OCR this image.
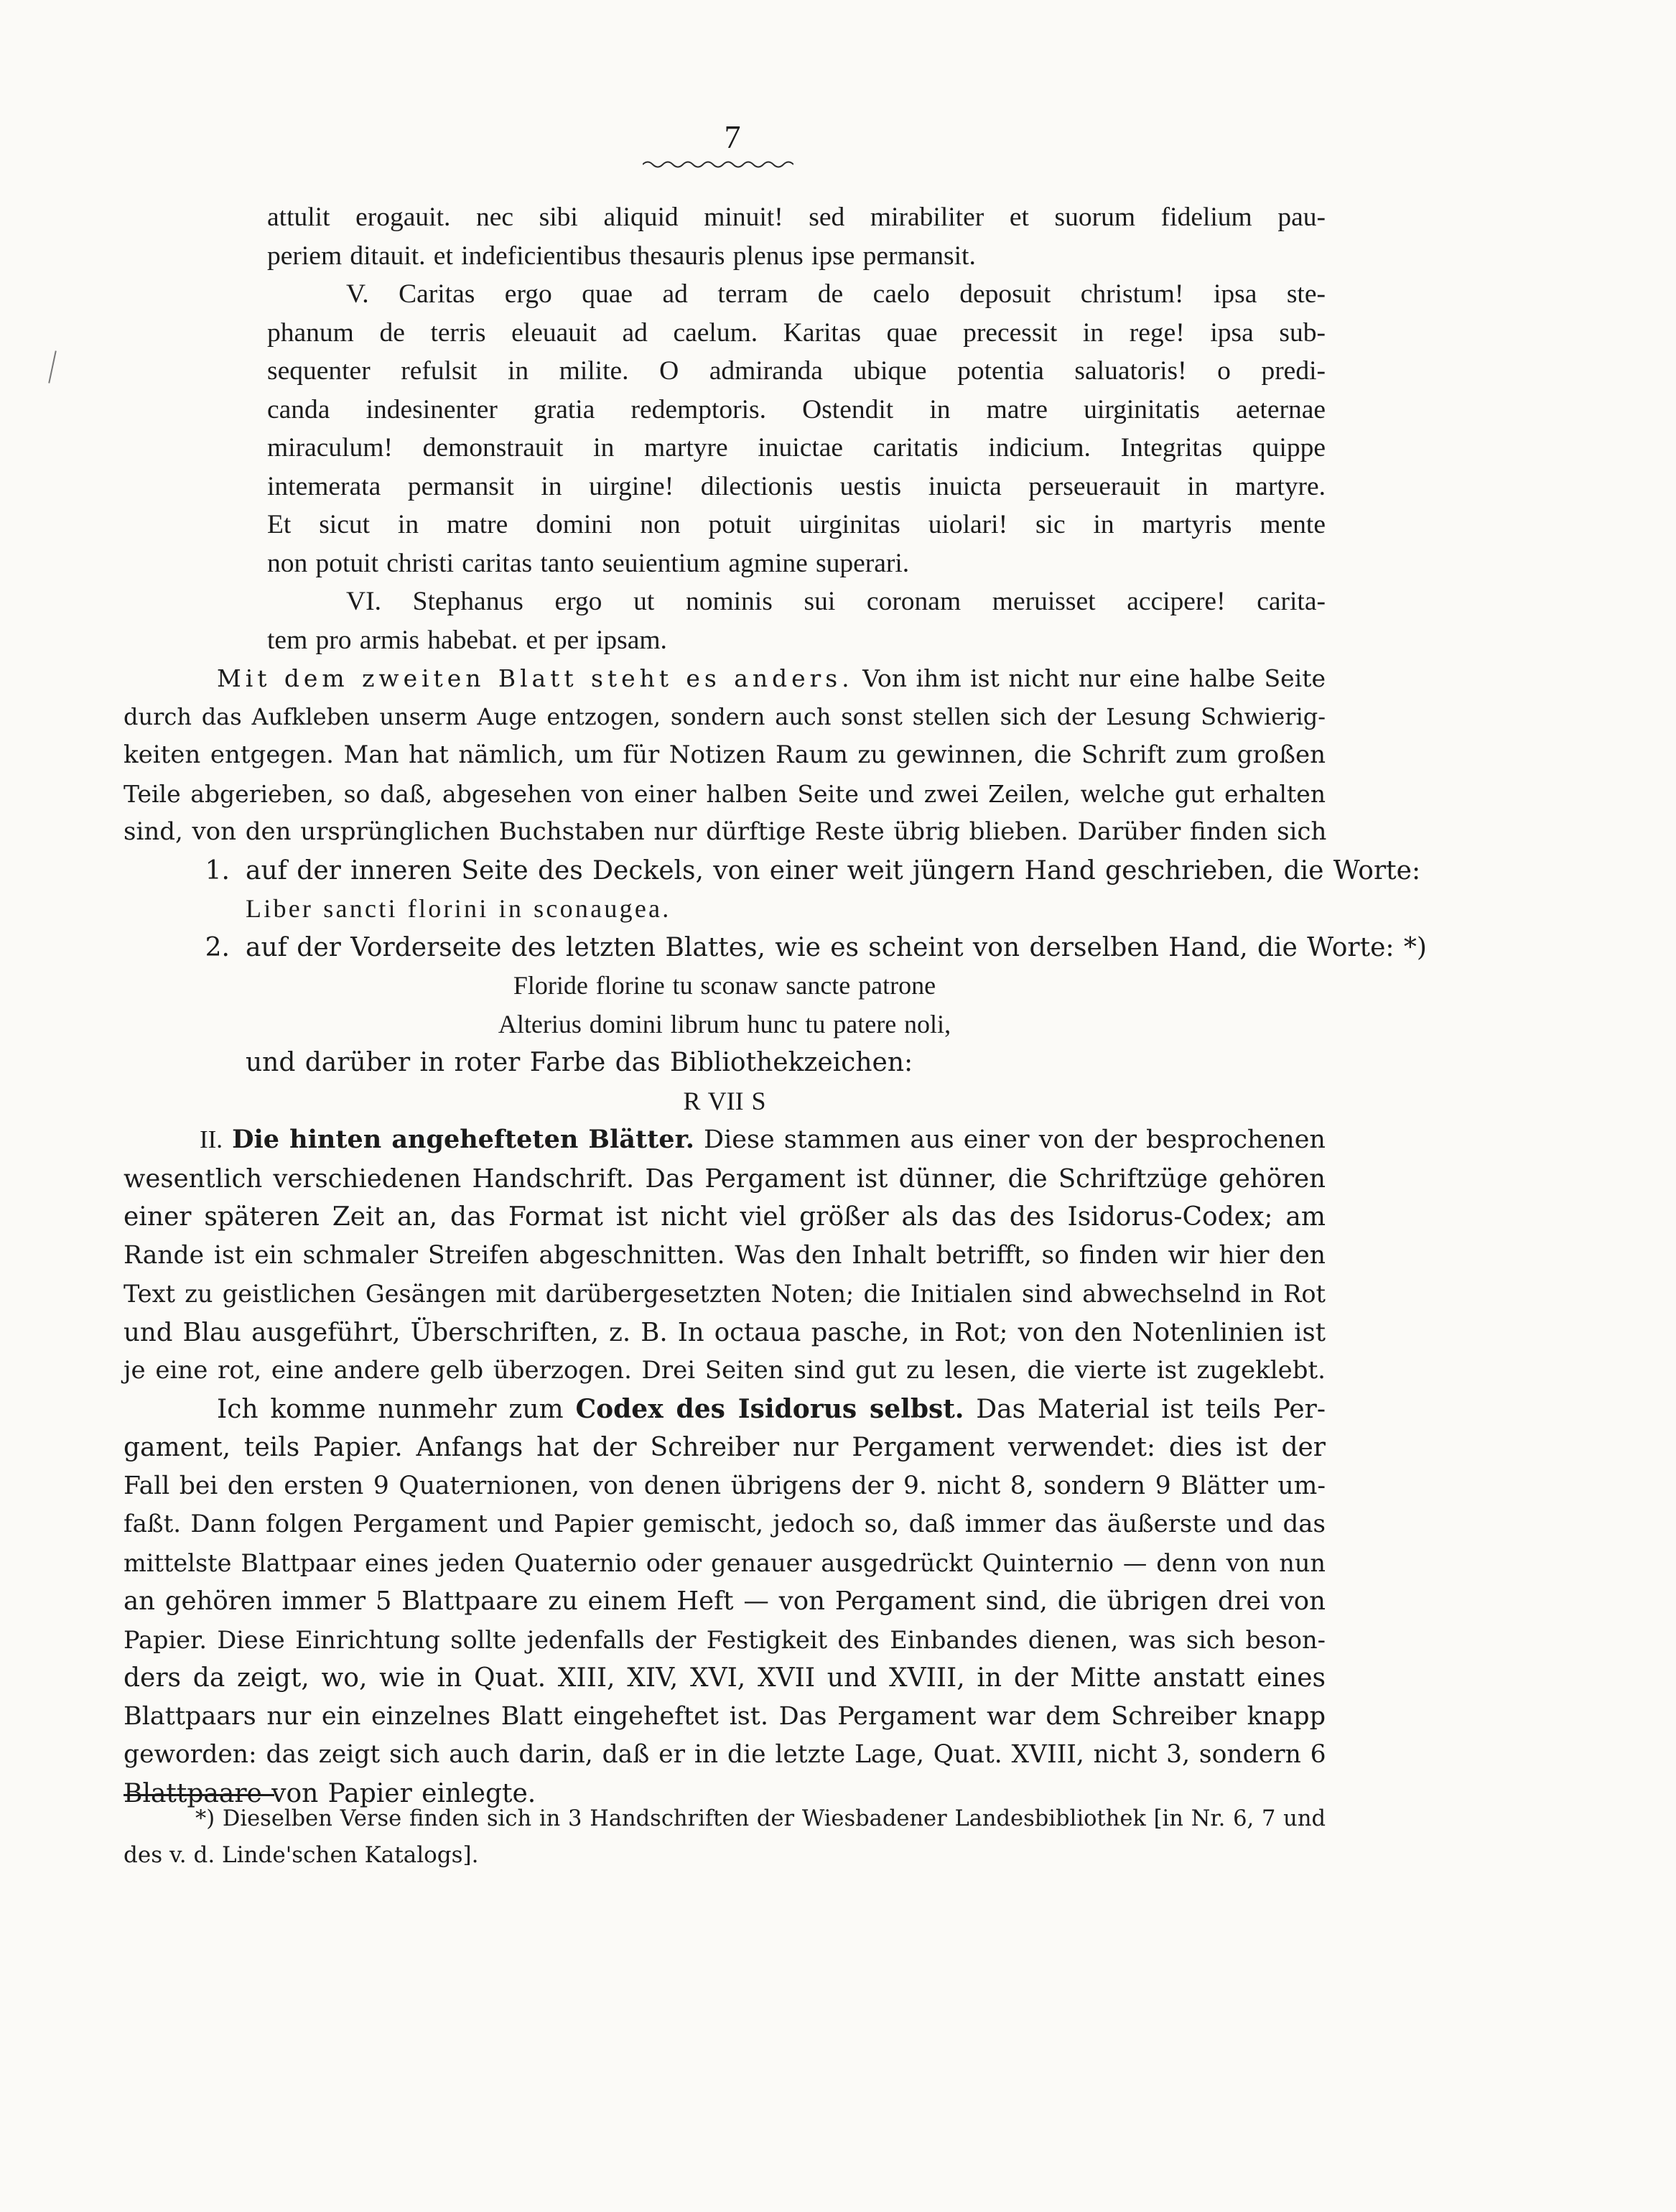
7
attulit erogauit. nec sibi aliquid minuit! sed mirabiliter et suorum fidelium pau-
periem ditauit. et indeficientibus thesauris plenus ipse permansit.
V. Caritas ergo quae ad terram de caelo deposuit christum! ipsa ste-
phanum de terris eleuauit ad caelum. Karitas quae precessit in rege! ipsa sub-
sequenter refulsit in milite. O admiranda ubique potentia saluatoris! o predi-
canda indesinenter gratia redemptoris. Ostendit in matre uirginitatis aeternae
miraculum! demonstrauit in martyre inuictae caritatis indicium. Integritas quippe
intemerata permansit in uirgine! dilectionis uestis inuicta perseuerauit in martyre.
Et sicut in matre domini non potuit uirginitas uiolari! sic in martyris mente
non potuit christi caritas tanto seuientium agmine superari.
VI. Stephanus ergo ut nominis sui coronam meruisset accipere! carita-
tem pro armis habebat. et per ipsam.
Mit dem zweiten Blatt steht es anders. Von ihm ist nicht nur eine halbe Seite
durch das Aufkleben unserm Auge entzogen, sondern auch sonst stellen sich der Lesung Schwierig-
keiten entgegen. Man hat nämlich, um für Notizen Raum zu gewinnen, die Schrift zum großen
Teile abgerieben, so daß, abgesehen von einer halben Seite und zwei Zeilen, welche gut erhalten
sind, von den ursprünglichen Buchstaben nur dürftige Reste übrig blieben. Darüber finden sich
1. auf der inneren Seite des Deckels, von einer weit jüngern Hand geschrieben, die Worte:
Liber sancti florini in sconaugea.
2. auf der Vorderseite des letzten Blattes, wie es scheint von derselben Hand, die Worte: *)
Floride florine tu sconaw sancte patrone
Alterius domini librum hunc tu patere noli,
und darüber in roter Farbe das Bibliothekzeichen:
R VII S
II. Die hinten angehefteten Blätter. Diese stammen aus einer von der besprochenen
wesentlich verschiedenen Handschrift. Das Pergament ist dünner, die Schriftzüge gehören
einer späteren Zeit an, das Format ist nicht viel größer als das des Isidorus-Codex; am
Rande ist ein schmaler Streifen abgeschnitten. Was den Inhalt betrifft, so finden wir hier den
Text zu geistlichen Gesängen mit darübergesetzten Noten; die Initialen sind abwechselnd in Rot
und Blau ausgeführt, Überschriften, z. B. In octaua pasche, in Rot; von den Notenlinien ist
je eine rot, eine andere gelb überzogen. Drei Seiten sind gut zu lesen, die vierte ist zugeklebt.
Ich komme nunmehr zum Codex des Isidorus selbst. Das Material ist teils Per-
gament, teils Papier. Anfangs hat der Schreiber nur Pergament verwendet: dies ist der
Fall bei den ersten 9 Quaternionen, von denen übrigens der 9. nicht 8, sondern 9 Blätter um-
faßt. Dann folgen Pergament und Papier gemischt, jedoch so, daß immer das äußerste und das
mittelste Blattpaar eines jeden Quaternio oder genauer ausgedrückt Quinternio — denn von nun
an gehören immer 5 Blattpaare zu einem Heft — von Pergament sind, die übrigen drei von
Papier. Diese Einrichtung sollte jedenfalls der Festigkeit des Einbandes dienen, was sich beson-
ders da zeigt, wo, wie in Quat. XIII, XIV, XVI, XVII und XVIII, in der Mitte anstatt eines
Blattpaars nur ein einzelnes Blatt eingeheftet ist. Das Pergament war dem Schreiber knapp
geworden: das zeigt sich auch darin, daß er in die letzte Lage, Quat. XVIII, nicht 3, sondern 6
Blattpaare von Papier einlegte.
*) Dieselben Verse finden sich in 3 Handschriften der Wiesbadener Landesbibliothek [in Nr. 6, 7 und
des v. d. Linde'schen Katalogs].
